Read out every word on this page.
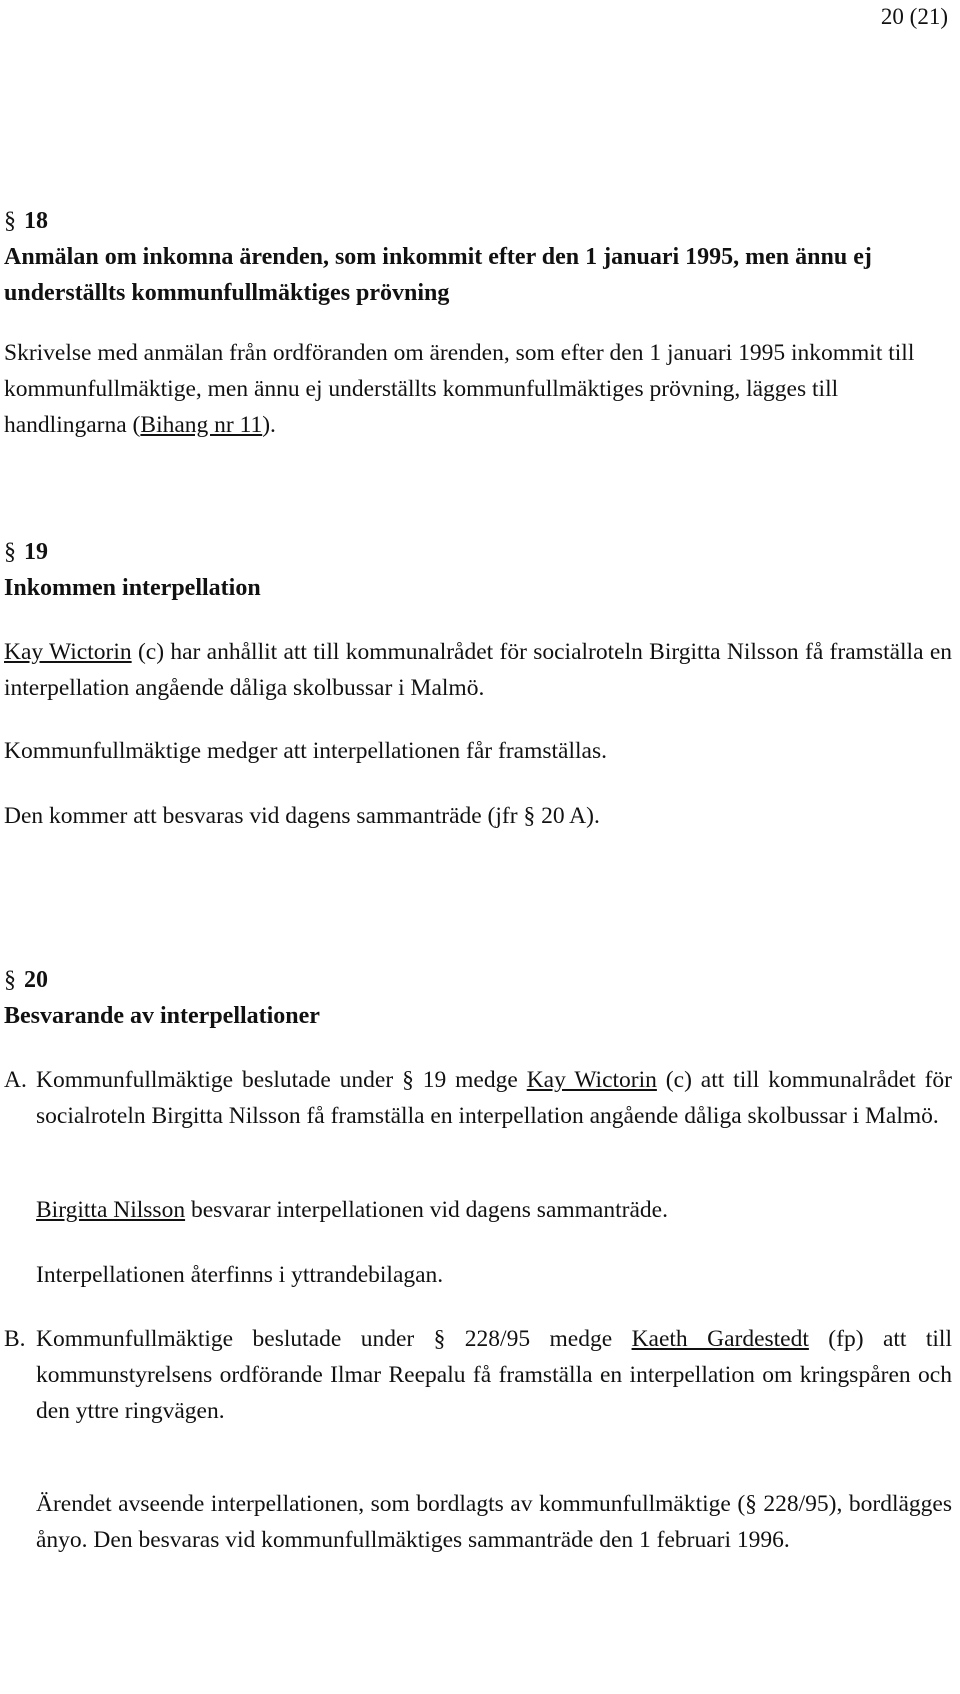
20 (21)
§ 18
Anmälan om inkomna ärenden, som inkommit efter den 1 januari 1995, men ännu ej underställts kommunfullmäktiges prövning

Skrivelse med anmälan från ordföranden om ärenden, som efter den 1 januari 1995 inkommit till kommunfullmäktige, men ännu ej underställts kommunfullmäktiges prövning, lägges till handlingarna (Bihang nr 11).

§ 19
Inkommen interpellation

Kay Wictorin (c) har anhållit att till kommunalrådet för socialroteln Birgitta Nilsson få framställa en interpellation angående dåliga skolbussar i Malmö.

Kommunfullmäktige medger att interpellationen får framställas.

Den kommer att besvaras vid dagens sammanträde (jfr § 20 A).

§ 20
Besvarande av interpellationer
A. Kommunfullmäktige beslutade under § 19 medge Kay Wictorin (c) att till kommunalrådet för socialroteln Birgitta Nilsson få framställa en interpellation angående dåliga skolbussar i Malmö.

Birgitta Nilsson besvarar interpellationen vid dagens sammanträde.

Interpellationen återfinns i yttrandebilagan.

B. Kommunfullmäktige beslutade under § 228/95 medge Kaeth Gardestedt (fp) att till kommunstyrelsens ordförande Ilmar Reepalu få framställa en interpellation om kringspåren och den yttre ringvägen.

Ärendet avseende interpellationen, som bordlagts av kommunfullmäktige (§ 228/95), bordlägges ånyo. Den besvaras vid kommunfullmäktiges sammanträde den 1 februari 1996.
